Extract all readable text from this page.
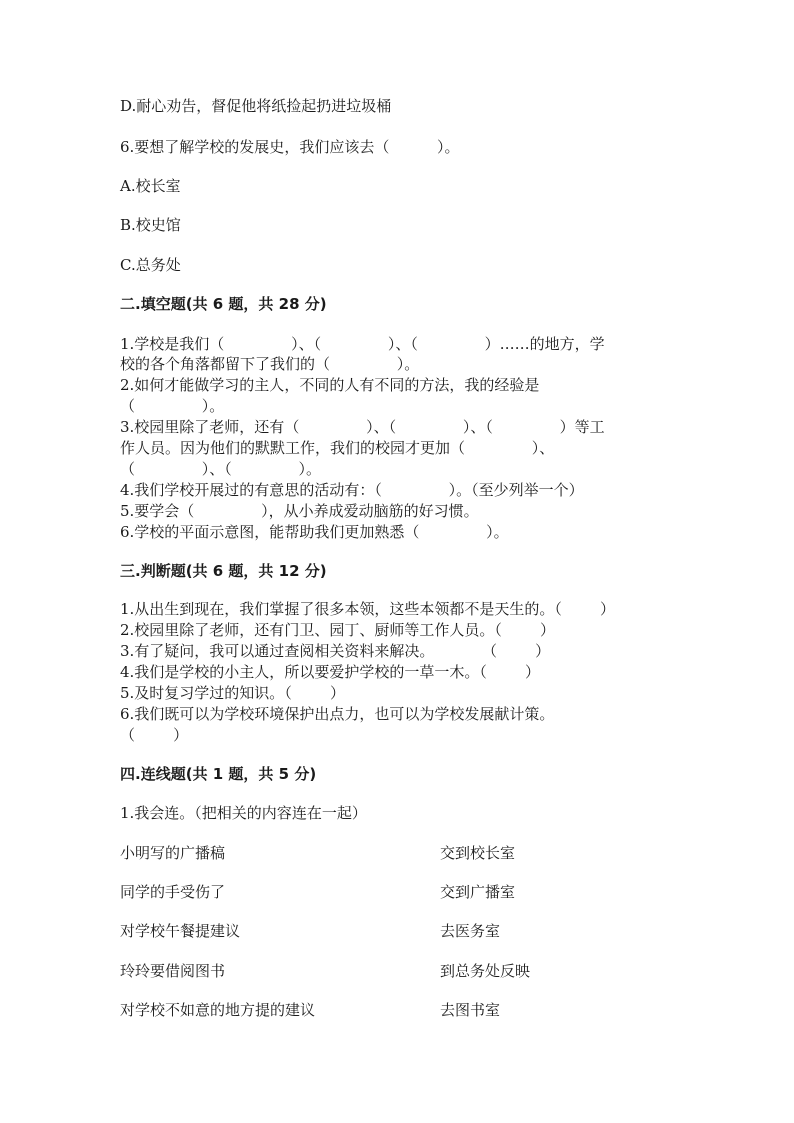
D.耐心劝告，督促他将纸捡起扔进垃圾桶
6.要想了解学校的发展史，我们应该去（          ）。
A.校长室
B.校史馆
C.总务处
二.填空题(共 6 题，共 28 分)
1.学校是我们（              ）、（              ）、（              ）……的地方，学
校的各个角落都留下了我们的（              ）。
2.如何才能做学习的主人，不同的人有不同的方法，我的经验是
（              ）。
3.校园里除了老师，还有（              ）、（              ）、（              ）等工
作人员。因为他们的默默工作，我们的校园才更加（              ）、
（              ）、（              ）。
4.我们学校开展过的有意思的活动有：（              ）。（至少列举一个）
5.要学会（              ），从小养成爱动脑筋的好习惯。
6.学校的平面示意图，能帮助我们更加熟悉（              ）。
三.判断题(共 6 题，共 12 分)
1.从出生到现在，我们掌握了很多本领，这些本领都不是天生的。（        ）
2.校园里除了老师，还有门卫、园丁、厨师等工作人员。（        ）
3.有了疑问，我可以通过查阅相关资料来解决。          （        ）
4.我们是学校的小主人，所以要爱护学校的一草一木。（        ）
5.及时复习学过的知识。（        ）
6.我们既可以为学校环境保护出点力，也可以为学校发展献计策。
（        ）
四.连线题(共 1 题，共 5 分)
1.我会连。（把相关的内容连在一起）
小明写的广播稿	交到校长室
同学的手受伤了	交到广播室
对学校午餐提建议	去医务室
玲玲要借阅图书	到总务处反映
对学校不如意的地方提的建议	去图书室
